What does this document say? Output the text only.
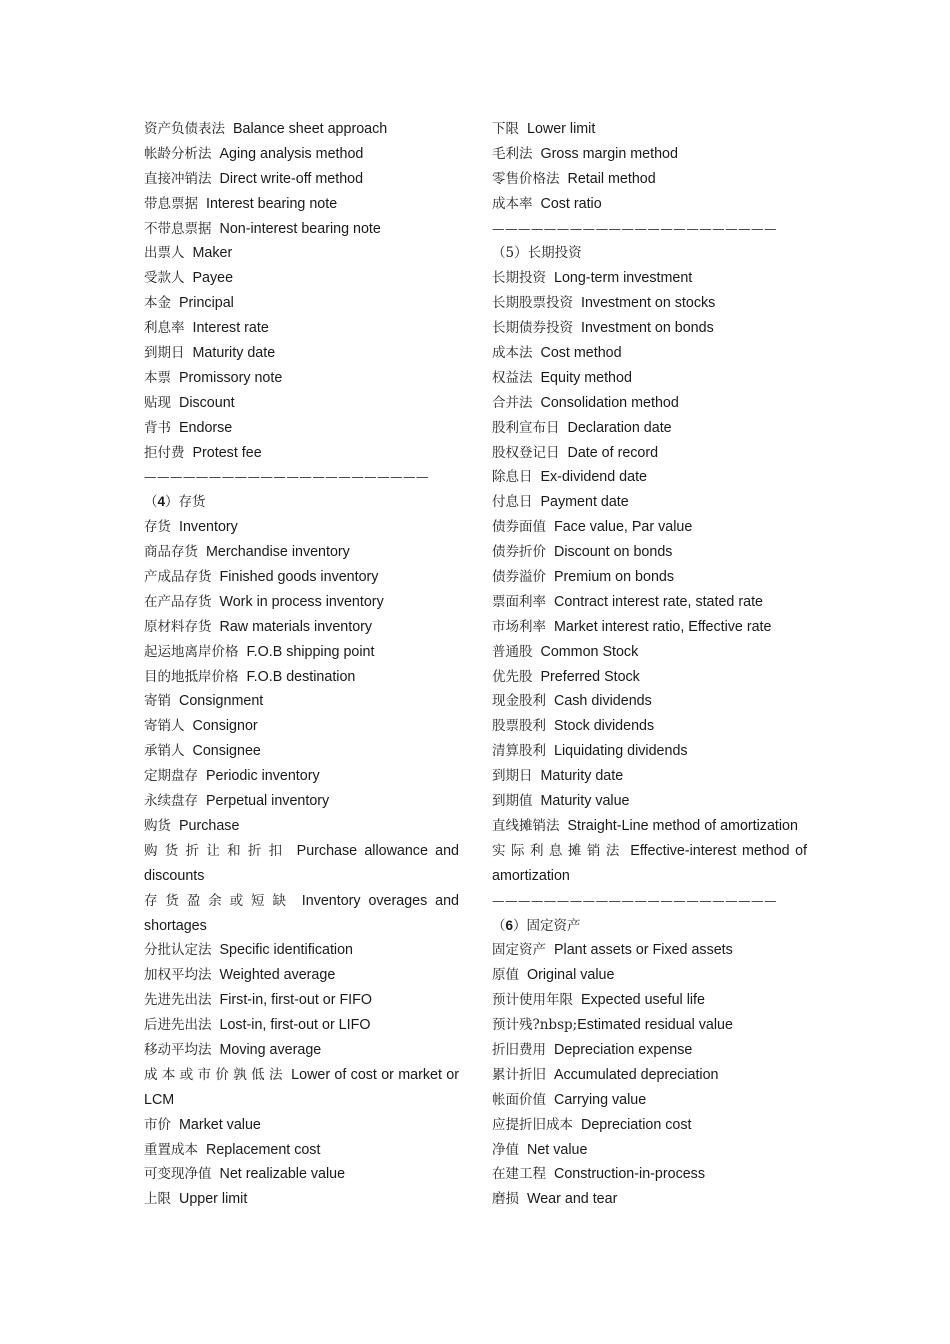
资产负债表法 Balance sheet approach
帐龄分析法 Aging analysis method
直接冲销法 Direct write-off method
带息票据 Interest bearing note
不带息票据 Non-interest bearing note
出票人 Maker
受款人 Payee
本金 Principal
利息率 Interest rate
到期日 Maturity date
本票 Promissory note
贴现 Discount
背书 Endorse
拒付费 Protest fee
——————————————————————
（4）存货
存货 Inventory
商品存货 Merchandise inventory
产成品存货 Finished goods inventory
在产品存货 Work in process inventory
原材料存货 Raw materials inventory
起运地离岸价格 F.O.B shipping point
目的地抵岸价格 F.O.B destination
寄销 Consignment
寄销人 Consignor
承销人 Consignee
定期盘存 Periodic inventory
永续盘存 Perpetual inventory
购货 Purchase
购货折让和折扣 Purchase allowance and
discounts
存货盈余或短缺 Inventory overages and
shortages
分批认定法 Specific identification
加权平均法 Weighted average
先进先出法 First-in, first-out or FIFO
后进先出法 Lost-in, first-out or LIFO
移动平均法 Moving average
成本或市价孰低法 Lower of cost or market or
LCM
市价 Market value
重置成本 Replacement cost
可变现净值 Net realizable value
上限 Upper limit
下限 Lower limit
毛利法 Gross margin method
零售价格法 Retail method
成本率 Cost ratio
——————————————————————
（5）长期投资
长期投资 Long-term investment
长期股票投资 Investment on stocks
长期债券投资 Investment on bonds
成本法 Cost method
权益法 Equity method
合并法 Consolidation method
股利宣布日 Declaration date
股权登记日 Date of record
除息日 Ex-dividend date
付息日 Payment date
债券面值 Face value, Par value
债券折价 Discount on bonds
债券溢价 Premium on bonds
票面利率 Contract interest rate, stated rate
市场利率 Market interest ratio, Effective rate
普通股 Common Stock
优先股 Preferred Stock
现金股利 Cash dividends
股票股利 Stock dividends
清算股利 Liquidating dividends
到期日 Maturity date
到期值 Maturity value
直线摊销法 Straight-Line method of amortization
实际利息摊销法 Effective-interest method of
amortization
——————————————————————
（6）固定资产
固定资产 Plant assets or Fixed assets
原值 Original value
预计使用年限 Expected useful life
预计残?nbsp;Estimated residual value
折旧费用 Depreciation expense
累计折旧 Accumulated depreciation
帐面价值 Carrying value
应提折旧成本 Depreciation cost
净值 Net value
在建工程 Construction-in-process
磨损 Wear and tear
